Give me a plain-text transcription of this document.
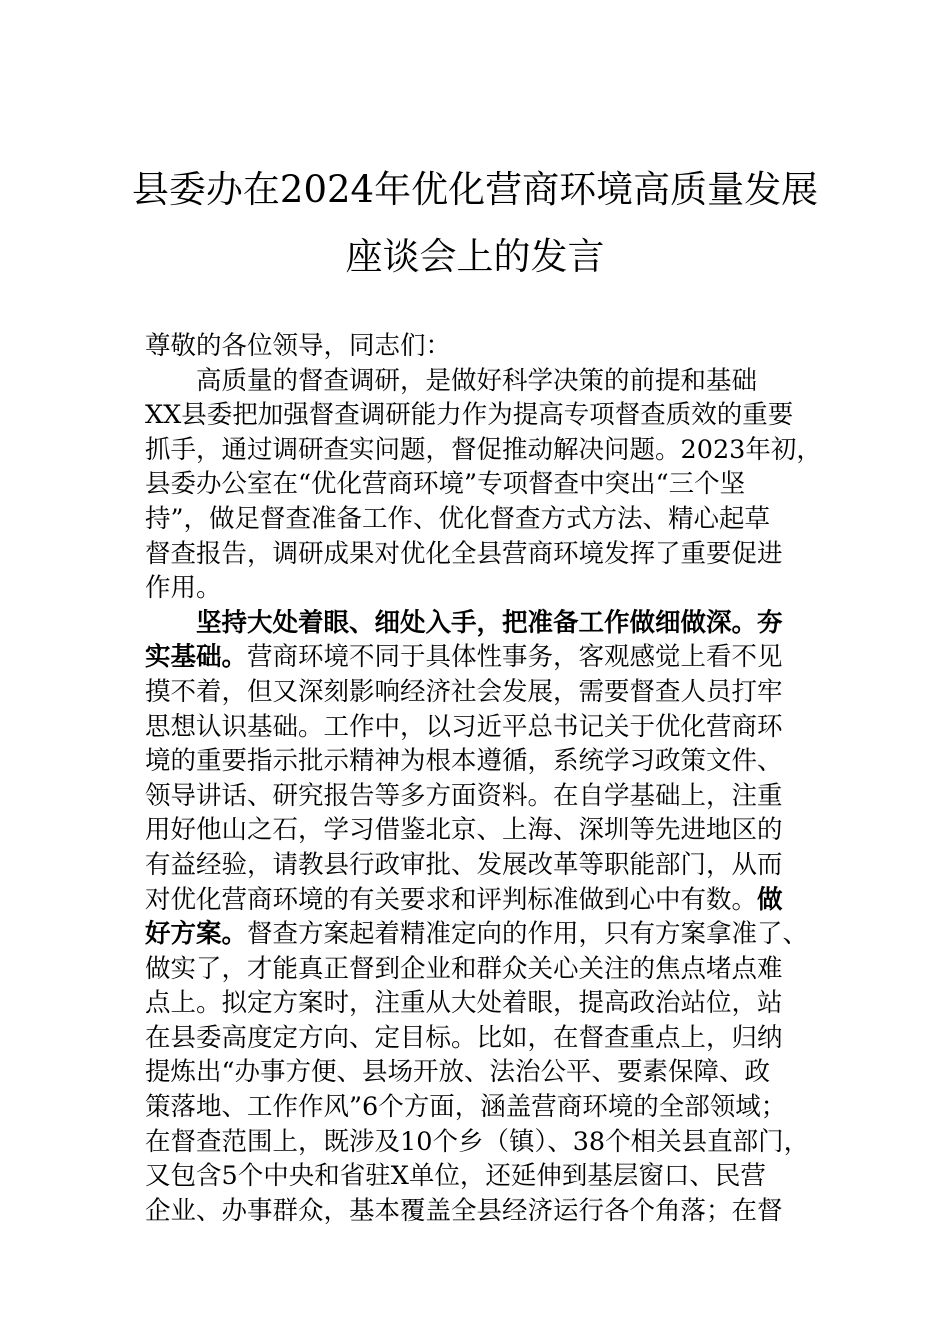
县委办在2024年优化营商环境高质量发展
座谈会上的发言
尊敬的各位领导，同志们：
高质量的督查调研，是做好科学决策的前提和基础
XX县委把加强督查调研能力作为提高专项督查质效的重要
抓手，通过调研查实问题，督促推动解决问题。2023年初，
县委办公室在“优化营商环境”专项督查中突出“三个坚
持”，做足督查准备工作、优化督查方式方法、精心起草
督查报告，调研成果对优化全县营商环境发挥了重要促进
作用。
坚持大处着眼、细处入手，把准备工作做细做深。夯
实基础。营商环境不同于具体性事务，客观感觉上看不见
摸不着，但又深刻影响经济社会发展，需要督查人员打牢
思想认识基础。工作中，以习近平总书记关于优化营商环
境的重要指示批示精神为根本遵循，系统学习政策文件、
领导讲话、研究报告等多方面资料。在自学基础上，注重
用好他山之石，学习借鉴北京、上海、深圳等先进地区的
有益经验，请教县行政审批、发展改革等职能部门，从而
对优化营商环境的有关要求和评判标准做到心中有数。做
好方案。督查方案起着精准定向的作用，只有方案拿准了、
做实了，才能真正督到企业和群众关心关注的焦点堵点难
点上。拟定方案时，注重从大处着眼，提高政治站位，站
在县委高度定方向、定目标。比如，在督查重点上，归纳
提炼出“办事方便、县场开放、法治公平、要素保障、政
策落地、工作作风”6个方面，涵盖营商环境的全部领域；
在督查范围上，既涉及10个乡（镇）、38个相关县直部门，
又包含5个中央和省驻X单位，还延伸到基层窗口、民营
企业、办事群众，基本覆盖全县经济运行各个角落；在督
